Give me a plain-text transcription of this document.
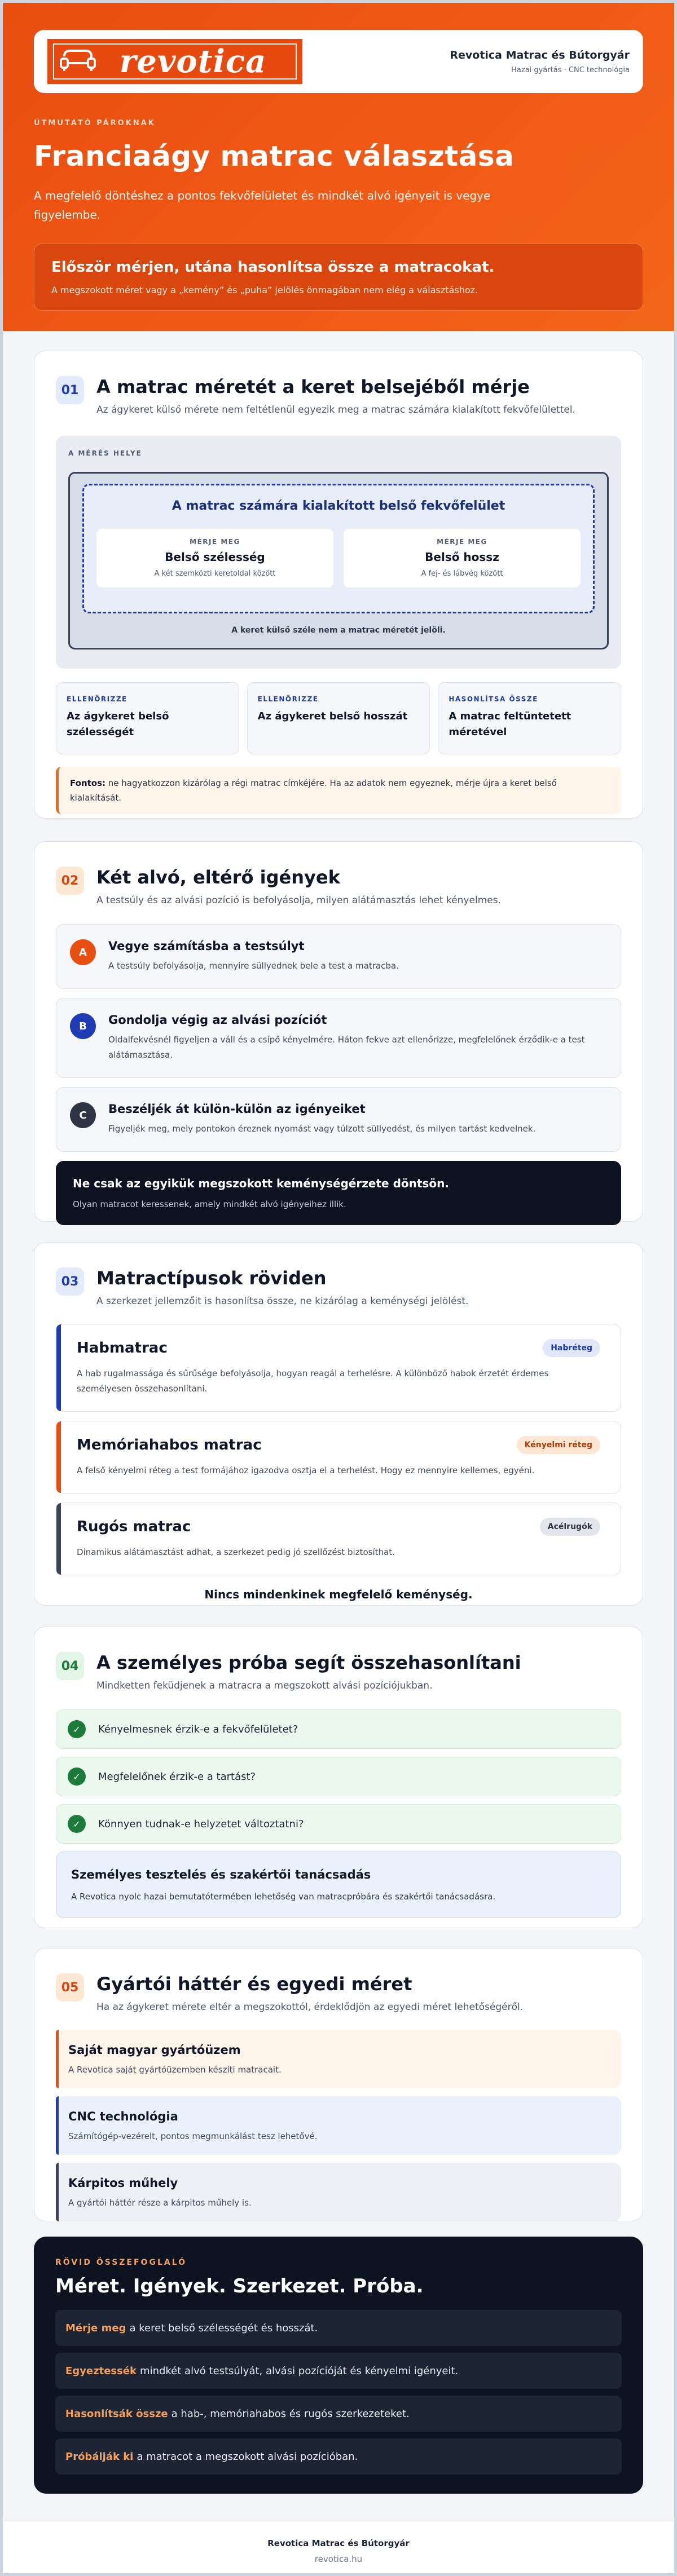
revotica	Revotica Matrac és Bútorgyár
Hazai gyártás · CNC technológia
ÚTMUTATÓ PÁROKNAK
Franciaágy matrac választása

A megfelelő döntéshez a pontos fekvőfelületet és mindkét alvó igényeit is vegye figyelembe.

Először mérjen, utána hasonlítsa össze a matracokat.
A megszokott méret vagy a „kemény” és „puha” jelölés önmagában nem elég a választáshoz.
01 A matrac méretét a keret belsejéből mérje

Az ágykeret külső mérete nem feltétlenül egyezik meg a matrac számára kialakított fekvőfelülettel.

A MÉRÉS HELYE
A matrac számára kialakított belső fekvőfelület
MÉRJE MEG
Belső szélesség
A két szemközti keretoldal között
MÉRJE MEG
Belső hossz
A fej- és lábvég között
A keret külső széle nem a matrac méretét jelöli.
ELLENŐRIZZE
Az ágykeret belső szélességét
ELLENŐRIZZE
Az ágykeret belső hosszát
HASONLÍTSA ÖSSZE
A matrac feltüntetett méretével
Fontos: ne hagyatkozzon kizárólag a régi matrac címkéjére. Ha az adatok nem egyeznek, mérje újra a keret belső kialakítását.
02 Két alvó, eltérő igények

A testsúly és az alvási pozíció is befolyásolja, milyen alátámasztás lehet kényelmes.

A	Vegye számításba a testsúlyt
A testsúly befolyásolja, mennyire süllyednek bele a test a matracba.
B	Gondolja végig az alvási pozíciót
Oldalfekvésnél figyeljen a váll és a csípő kényelmére. Háton fekve azt ellenőrizze, megfelelőnek érződik-e a test alátámasztása.
C	Beszéljék át külön-külön az igényeiket
Figyeljék meg, mely pontokon éreznek nyomást vagy túlzott süllyedést, és milyen tartást kedvelnek.
Ne csak az egyikük megszokott keménységérzete döntsön.
Olyan matracot keressenek, amely mindkét alvó igényeihez illik.
03 Matractípusok röviden

A szerkezet jellemzőit is hasonlítsa össze, ne kizárólag a keménységi jelölést.

Habmatrac	Habréteg
A hab rugalmassága és sűrűsége befolyásolja, hogyan reagál a terhelésre. A különböző habok érzetét érdemes személyesen összehasonlítani.
Memóriahabos matrac	Kényelmi réteg
A felső kényelmi réteg a test formájához igazodva osztja el a terhelést. Hogy ez mennyire kellemes, egyéni.
Rugós matrac	Acélrugók
Dinamikus alátámasztást adhat, a szerkezet pedig jó szellőzést biztosíthat.
Nincs mindenkinek megfelelő keménység.
04 A személyes próba segít összehasonlítani

Mindketten feküdjenek a matracra a megszokott alvási pozíciójukban.

✓	Kényelmesnek érzik-e a fekvőfelületet?
✓	Megfelelőnek érzik-e a tartást?
✓	Könnyen tudnak-e helyzetet változtatni?
Személyes tesztelés és szakértői tanácsadás
A Revotica nyolc hazai bemutatótermében lehetőség van matracpróbára és szakértői tanácsadásra.
05 Gyártói háttér és egyedi méret

Ha az ágykeret mérete eltér a megszokottól, érdeklődjön az egyedi méret lehetőségéről.

Saját magyar gyártóüzem
A Revotica saját gyártóüzemben készíti matracait.
CNC technológia
Számítógép-vezérelt, pontos megmunkálást tesz lehetővé.
Kárpitos műhely
A gyártói háttér része a kárpitos műhely is.
RÖVID ÖSSZEFOGLALÓ
Méret. Igények. Szerkezet. Próba.
Mérje meg a keret belső szélességét és hosszát.
Egyeztessék mindkét alvó testsúlyát, alvási pozícióját és kényelmi igényeit.
Hasonlítsák össze a hab-, memóriahabos és rugós szerkezeteket.
Próbálják ki a matracot a megszokott alvási pozícióban.
Revotica Matrac és Bútorgyár
revotica.hu
